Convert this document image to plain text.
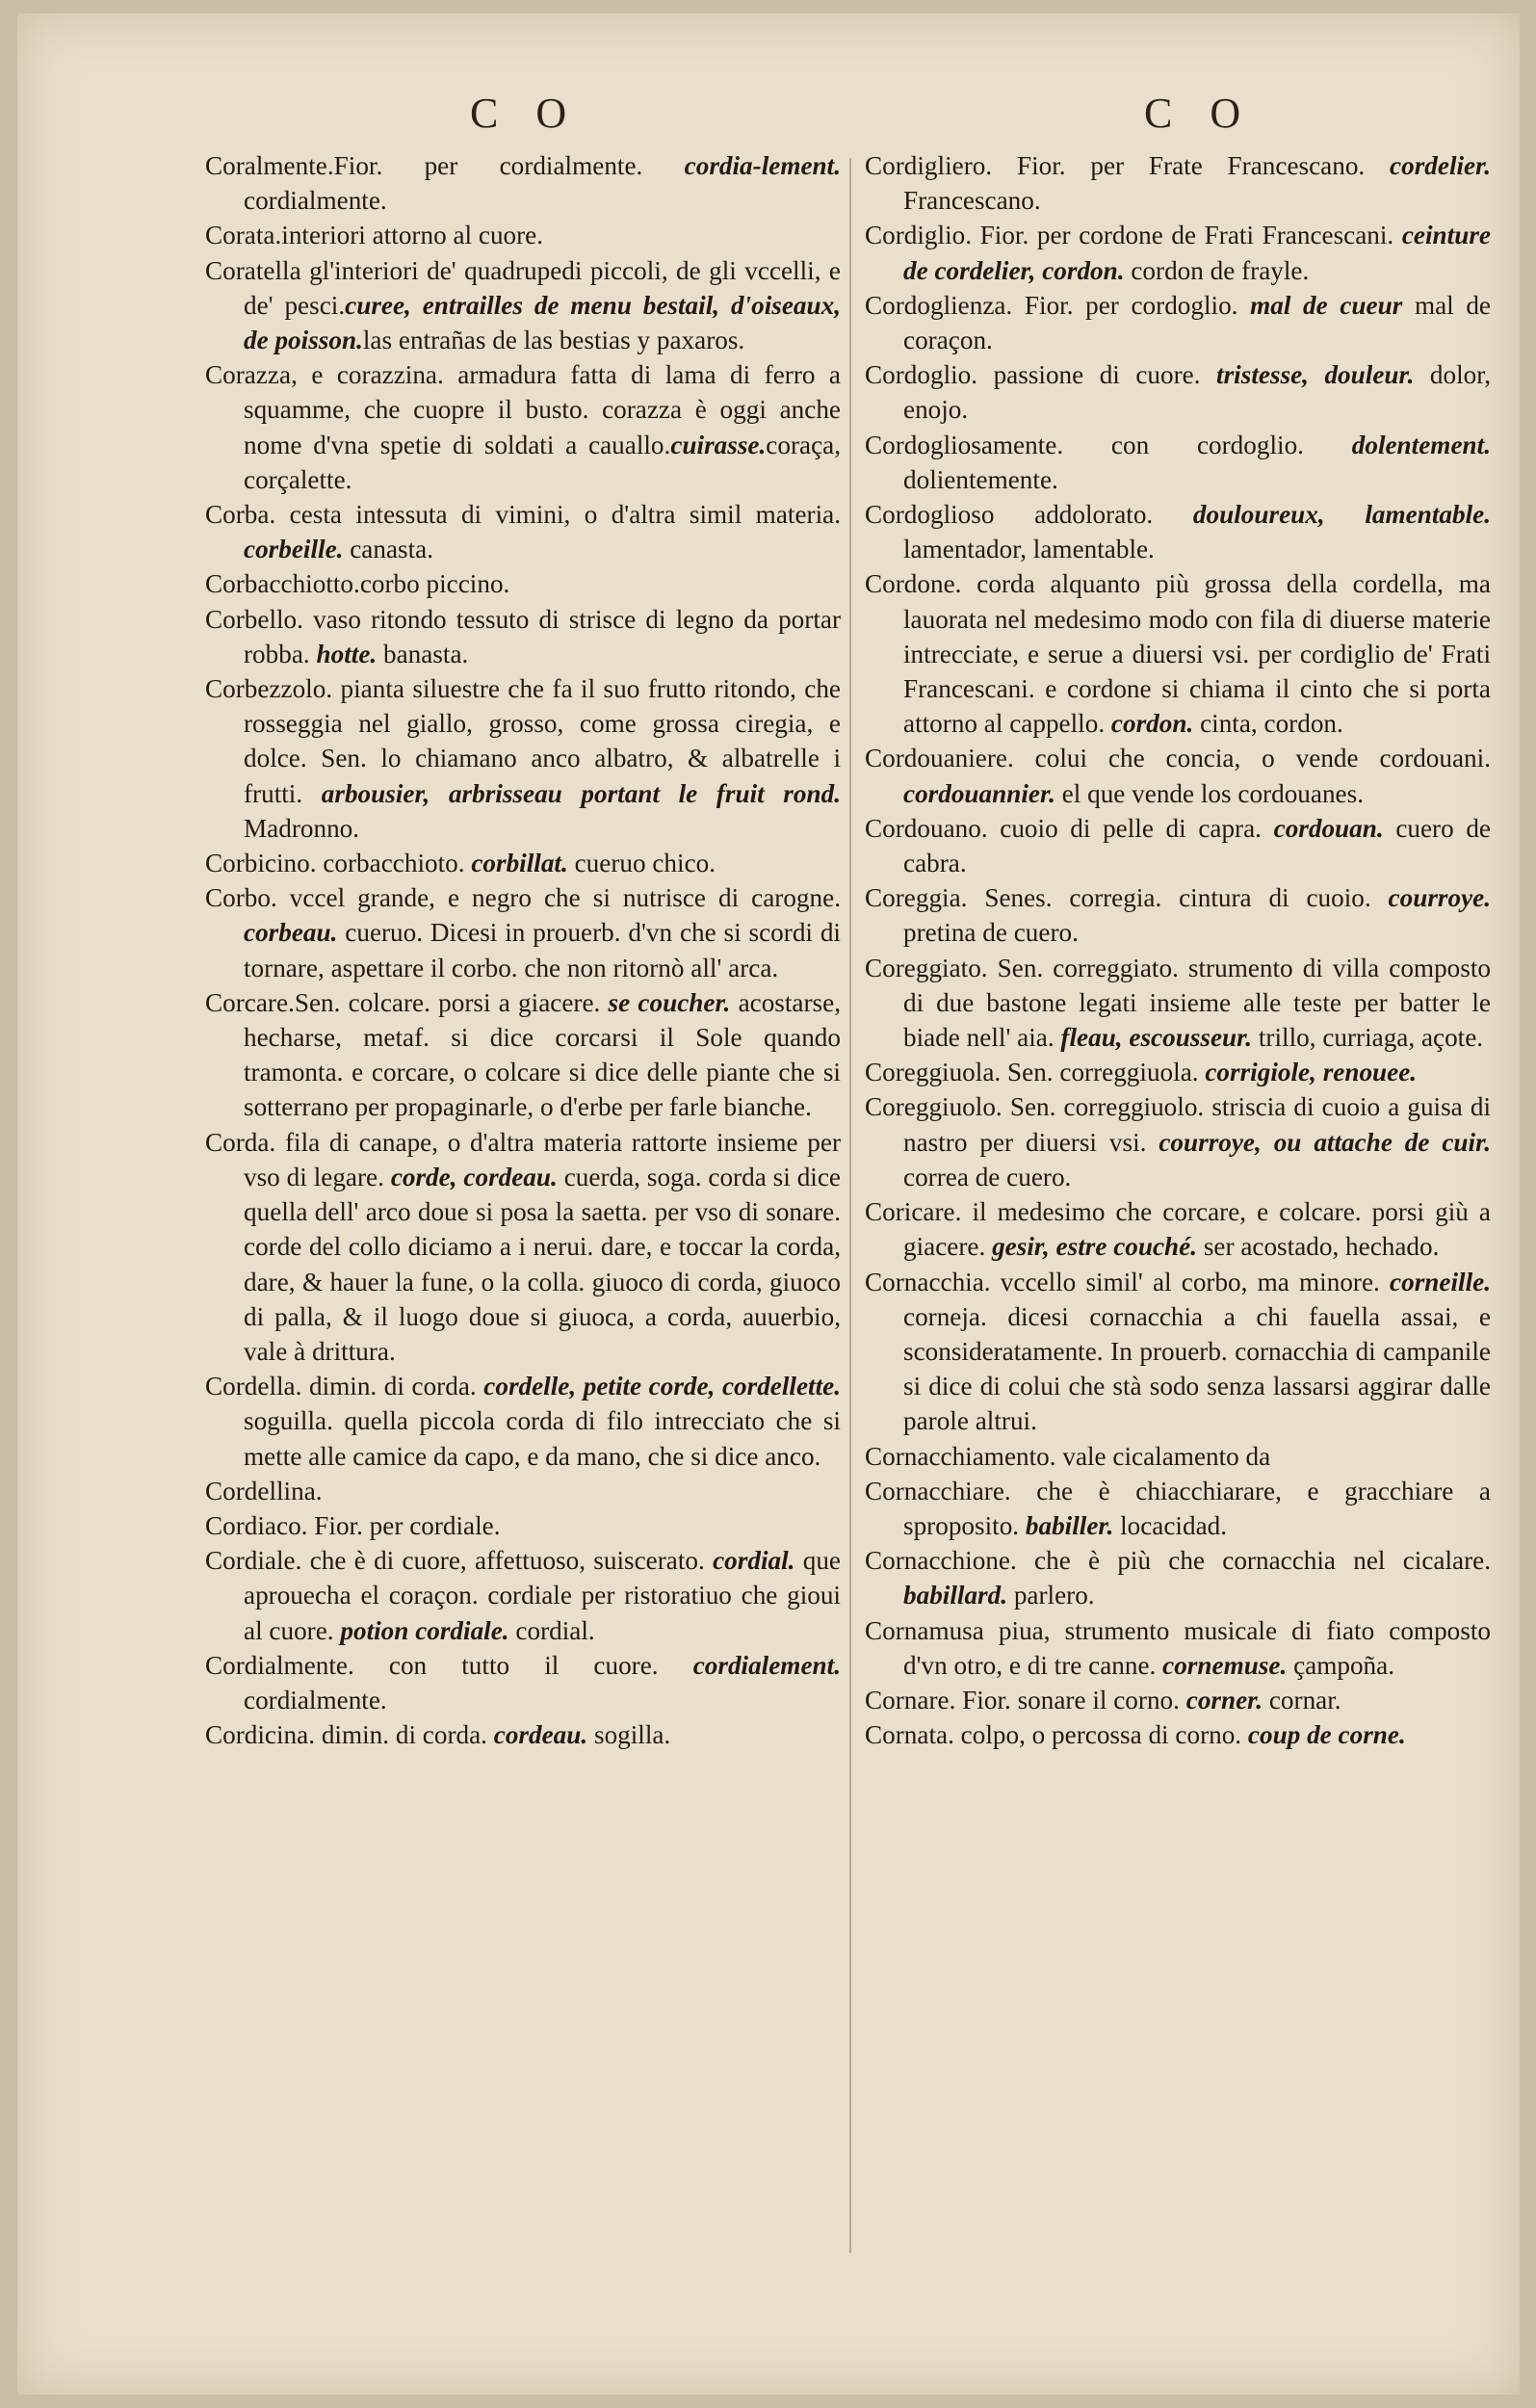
C O	C O

Coralmente.Fior. per cordialmente. cordia-lement. cordialmente.

Corata.interiori attorno al cuore.

Coratella gl'interiori de' quadrupedi piccoli, de gli vccelli, e de' pesci.curee, entrailles de menu bestail, d'oiseaux, de poisson.las entrañas de las bestias y paxaros.

Corazza, e corazzina. armadura fatta di lama di ferro a squamme, che cuopre il busto. corazza è oggi anche nome d'vna spetie di soldati a cauallo.cuirasse.coraça, corçalette.

Corba. cesta intessuta di vimini, o d'altra simil materia. corbeille. canasta.

Corbacchiotto.corbo piccino.

Corbello. vaso ritondo tessuto di strisce di legno da portar robba. hotte. banasta.

Corbezzolo. pianta siluestre che fa il suo frutto ritondo, che rosseggia nel giallo, grosso, come grossa ciregia, e dolce. Sen. lo chiamano anco albatro, & albatrelle i frutti. arbousier, arbrisseau portant le fruit rond. Madronno.

Corbicino. corbacchioto. corbillat. cueruo chico.

Corbo. vccel grande, e negro che si nutrisce di carogne. corbeau. cueruo. Dicesi in prouerb. d'vn che si scordi di tornare, aspettare il corbo. che non ritornò all' arca.

Corcare.Sen. colcare. porsi a giacere. se coucher. acostarse, hecharse, metaf. si dice corcarsi il Sole quando tramonta. e corcare, o colcare si dice delle piante che si sotterrano per propaginarle, o d'erbe per farle bianche.

Corda. fila di canape, o d'altra materia rattorte insieme per vso di legare. corde, cordeau. cuerda, soga. corda si dice quella dell' arco doue si posa la saetta. per vso di sonare. corde del collo diciamo a i nerui. dare, e toccar la corda, dare, & hauer la fune, o la colla. giuoco di corda, giuoco di palla, & il luogo doue si giuoca, a corda, auuerbio, vale à drittura.

Cordella. dimin. di corda. cordelle, petite corde, cordellette. soguilla. quella piccola corda di filo intrecciato che si mette alle camice da capo, e da mano, che si dice anco.

Cordellina.

Cordiaco. Fior. per cordiale.

Cordiale. che è di cuore, affettuoso, suiscerato. cordial. que aprouecha el coraçon. cordiale per ristoratiuo che gioui al cuore. potion cordiale. cordial.

Cordialmente. con tutto il cuore. cordialement. cordialmente.

Cordicina. dimin. di corda. cordeau. sogilla.

Cordigliero. Fior. per Frate Francescano. cordelier. Francescano.

Cordiglio. Fior. per cordone de Frati Francescani. ceinture de cordelier, cordon. cordon de frayle.

Cordoglienza. Fior. per cordoglio. mal de cueur mal de coraçon.

Cordoglio. passione di cuore. tristesse, douleur. dolor, enojo.

Cordogliosamente. con cordoglio. dolentement. dolientemente.

Cordoglioso addolorato. douloureux, lamentable. lamentador, lamentable.

Cordone. corda alquanto più grossa della cordella, ma lauorata nel medesimo modo con fila di diuerse materie intrecciate, e serue a diuersi vsi. per cordiglio de' Frati Francescani. e cordone si chiama il cinto che si porta attorno al cappello. cordon. cinta, cordon.

Cordouaniere. colui che concia, o vende cordouani. cordouannier. el que vende los cordouanes.

Cordouano. cuoio di pelle di capra. cordouan. cuero de cabra.

Coreggia. Senes. corregia. cintura di cuoio. courroye. pretina de cuero.

Coreggiato. Sen. correggiato. strumento di villa composto di due bastone legati insieme alle teste per batter le biade nell' aia. fleau, escousseur. trillo, curriaga, açote.

Coreggiuola. Sen. correggiuola. corrigiole, renouee.

Coreggiuolo. Sen. correggiuolo. striscia di cuoio a guisa di nastro per diuersi vsi. courroye, ou attache de cuir. correa de cuero.

Coricare. il medesimo che corcare, e colcare. porsi giù a giacere. gesir, estre couché. ser acostado, hechado.

Cornacchia. vccello simil' al corbo, ma minore. corneille. corneja. dicesi cornacchia a chi fauella assai, e sconsideratamente. In prouerb. cornacchia di campanile si dice di colui che stà sodo senza lassarsi aggirar dalle parole altrui.

Cornacchiamento. vale cicalamento da

Cornacchiare. che è chiacchiarare, e gracchiare a sproposito. babiller. locacidad.

Cornacchione. che è più che cornacchia nel cicalare. babillard. parlero.

Cornamusa piua, strumento musicale di fiato composto d'vn otro, e di tre canne. cornemuse. çampoña.

Cornare. Fior. sonare il corno. corner. cornar.

Cornata. colpo, o percossa di corno. coup de corne.
